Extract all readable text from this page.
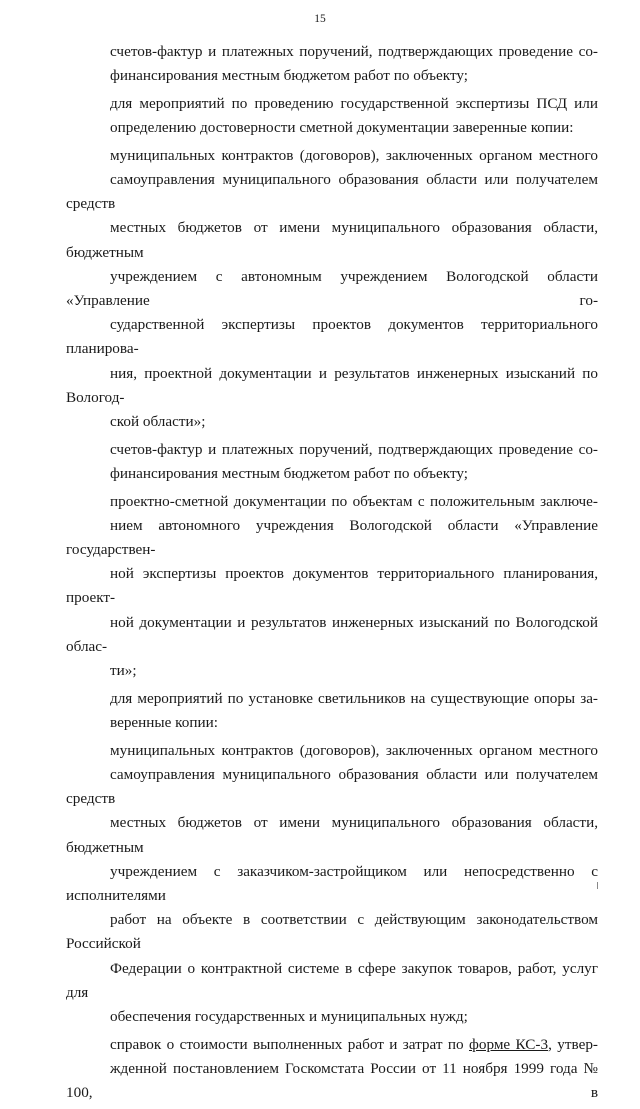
15

счетов-фактур и платежных поручений, подтверждающих проведение со-
финансирования местным бюджетом работ по объекту;

для мероприятий по проведению государственной экспертизы ПСД или
определению достоверности сметной документации заверенные копии:

муниципальных контрактов (договоров), заключенных органом местного
самоуправления муниципального образования области или получателем средств
местных бюджетов от имени муниципального образования области, бюджетным
учреждением с автономным учреждением Вологодской области «Управление го-
сударственной экспертизы проектов документов территориального планирова-
ния, проектной документации и результатов инженерных изысканий по Вологод-
ской области»;

счетов-фактур и платежных поручений, подтверждающих проведение со-
финансирования местным бюджетом работ по объекту;

проектно-сметной документации по объектам с положительным заключе-
нием автономного учреждения Вологодской области «Управление государствен-
ной экспертизы проектов документов территориального планирования, проект-
ной документации и результатов инженерных изысканий по Вологодской облас-
ти»;

для мероприятий по установке светильников на существующие опоры за-
веренные копии:

муниципальных контрактов (договоров), заключенных органом местного
самоуправления муниципального образования области или получателем средств
местных бюджетов от имени муниципального образования области, бюджетным
учреждением с заказчиком-застройщиком или непосредственно с исполнителями
работ на объекте в соответствии с действующим законодательством Российской
Федерации о контрактной системе в сфере закупок товаров, работ, услуг для
обеспечения государственных и муниципальных нужд;

справок о стоимости выполненных работ и затрат по форме КС-3, утвер-
жденной постановлением Госкомстата России от 11 ноября 1999 года № 100, в
